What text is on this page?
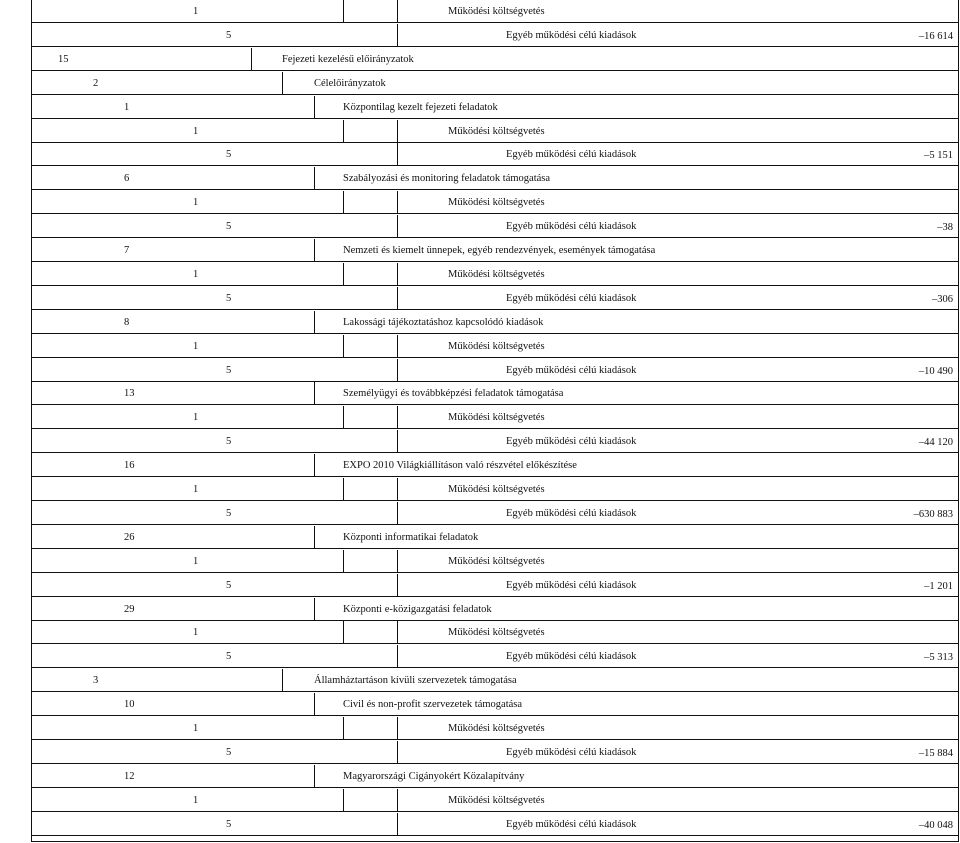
1	Működési költségvetés
5	Egyéb működési célú kiadások	–16 614
15	Fejezeti kezelésű előirányzatok
2	Célelőirányzatok
1	Központilag kezelt fejezeti feladatok
1	Működési költségvetés
5	Egyéb működési célú kiadások	–5 151
6	Szabályozási és monitoring feladatok támogatása
1	Működési költségvetés
5	Egyéb működési célú kiadások	–38
7	Nemzeti és kiemelt ünnepek, egyéb rendezvények, események támogatása
1	Működési költségvetés
5	Egyéb működési célú kiadások	–306
8	Lakossági tájékoztatáshoz kapcsolódó kiadások
1	Működési költségvetés
5	Egyéb működési célú kiadások	–10 490
13	Személyügyi és továbbképzési feladatok támogatása
1	Működési költségvetés
5	Egyéb működési célú kiadások	–44 120
16	EXPO 2010 Világkiállításon való részvétel előkészítése
1	Működési költségvetés
5	Egyéb működési célú kiadások	–630 883
26	Központi informatikai feladatok
1	Működési költségvetés
5	Egyéb működési célú kiadások	–1 201
29	Központi e-közigazgatási feladatok
1	Működési költségvetés
5	Egyéb működési célú kiadások	–5 313
3	Államháztartáson kívüli szervezetek támogatása
10	Civil és non-profit szervezetek támogatása
1	Működési költségvetés
5	Egyéb működési célú kiadások	–15 884
12	Magyarországi Cigányokért Közalapítvány
1	Működési költségvetés
5	Egyéb működési célú kiadások	–40 048
